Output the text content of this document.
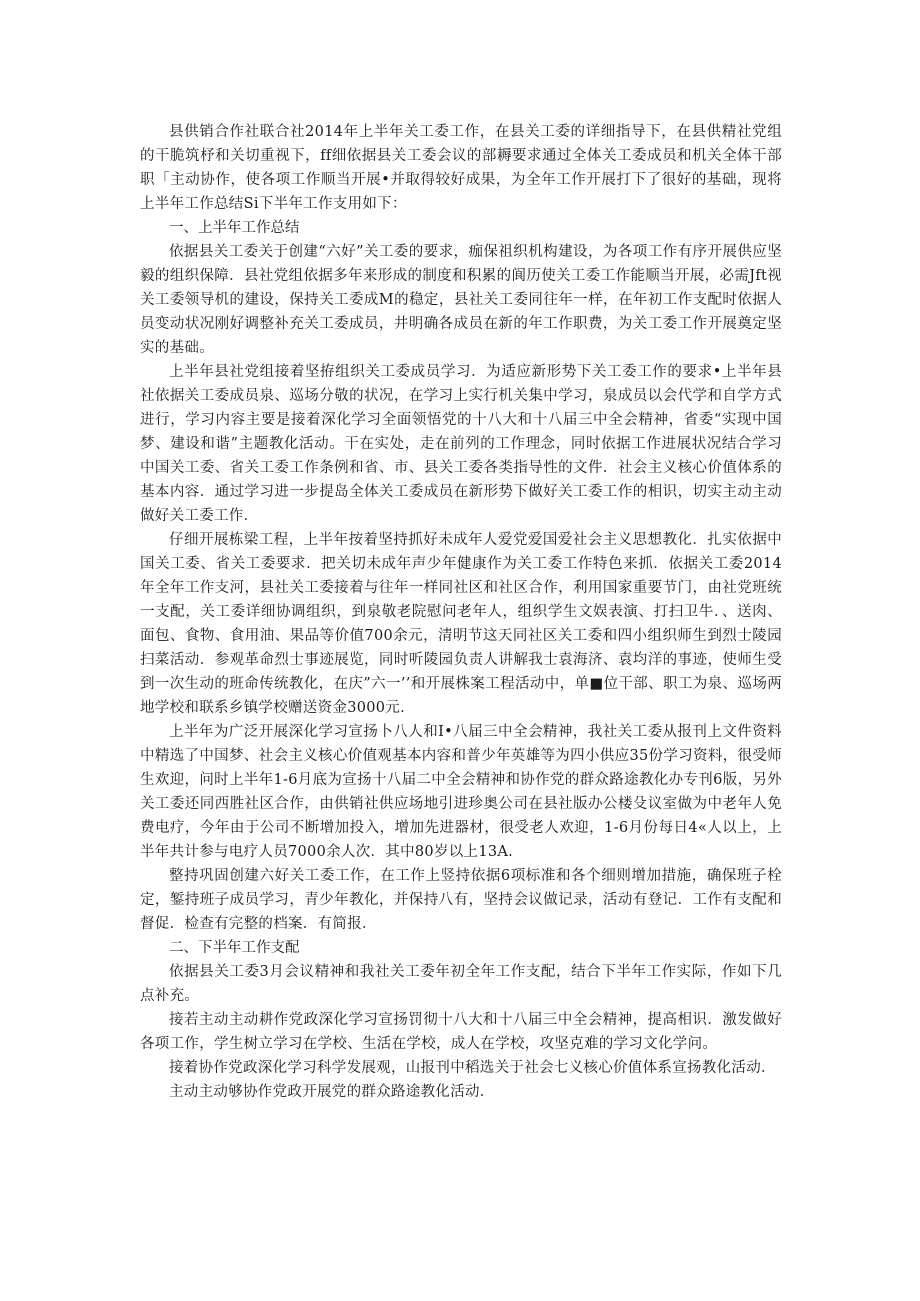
县供销合作社联合社2014年上半年关工委工作，在县关工委的详细指导下，在县供精社党组的干脆筑杼和关切重视下，ff细依据县关工委会议的部耨要求通过全体关工委成员和机关全体干部职「主动协作，使各项工作顺当开展•并取得较好成果，为全年工作开展打下了很好的基础，现将上半年工作总结Si下半年工作支用如下：

一、上半年工作总结

依据县关工委关于创建“六好”关工委的要求，痂保祖织机构建设，为各项工作有序开展供应坚毅的组织保障．县社党组依据多年来形成的制度和积累的阆历使关工委工作能顺当开展，必需Jft视关工委领导机的建设，保持关工委成M的稳定，县社关工委同往年一样，在年初工作支配时依据人员变动状况刚好调整补充关工委成员，井明确各成员在新的年工作职费，为关工委工作开展奠定坚实的基础。

上半年县社党组接着坚拵组织关工委成员学习．为适应新形势下关工委工作的要求•上半年县社依据关工委成员泉、巡场分敬的状况，在学习上实行机关集中学习，泉成员以会代学和自学方式进行，学习内容主要是接着深化学习全面领悟党的十八大和十八届三中全会精神，省委“实现中国梦、建设和谐”主题教化活动。干在实处，走在前列的工作理念，同时依据工作进展状况结合学习中国关工委、省关工委工作条例和省、市、县关工委各类指导性的文件．社会主义核心价值体系的基本内容．通过学习进一步提岛全体关工委成员在新形势下做好关工委工作的相识，切实主动主动做好关工委工作．

仔细开展栋梁工程，上半年按着坚持抓好未成年人爱党爱国爱社会主义思想教化．扎实依据中国关工委、省关工委要求．把关切未成年声少年健康作为关工委工作特色来抓．依据关工委2014年全年工作支河，县社关工委接着与往年一样同社区和社区合作，利用国家重要节门，由社党班统一支配，关工委详细协调组织，到泉敬老院慰问老年人，组织学生文娱表演、打扫卫牛．、送肉、面包、食物、食用油、果品等价值700余元，清明节这天同社区关工委和四小组织师生到烈士陵园扫菜活动．参观革命烈士事迹展览，同时听陵园负责人讲解我士袁海济、袁均洋的事迹，使师生受到一次生动的班命传统教化，在庆”六一’’和开展株案工程活动中，单■位干部、职工为泉、巡场两地学校和联系乡镇学校赠送资金3000元．

上半年为广泛开展深化学习宣扬卜八人和I•八届三中全会精神，我社关工委从报刊上文件资料中精选了中国梦、社会主义核心价值观基本内容和普少年英雄等为四小供应35份学习资料，很受师生欢迎，问时上半年1-6月底为宣扬十八届二中全会精神和协作党的群众路途教化办专刊6版，另外关工委还同西胜社区合作，由供销社供应场地引进珍奥公司在县社版办公楼殳议室做为中老年人免费电疗，今年由于公司不断增加投入，增加先进器材，很受老人欢迎，1-6月份每日4«人以上，上半年共计参与电疗人员7000余人次．其中80岁以上13A.

整持巩固创建六好关工委工作，在工作上竖持依据6项标准和各个细则增加措施，确保班子栓定，錾持班子成员学习，青少年教化，并保持八有，坚持会议做记录，活动有登记．工作有支配和督促．检查有完整的档案．有简报．

二、下半年工作支配

依据县关工委3月会议精神和我社关工委年初全年工作支配，结合下半年工作实际，作如下几点补充。

接若主动主动耕作党政深化学习宣扬罚彻十八大和十八届三中全会精神，提高相识．激发做好各项工作，学生树立学习在学校、生活在学校，成人在学校，攻坚克难的学习文化学问。

接着协作党政深化学习科学发展观，山报刊中稻选关于社会七义核心价值体系宣扬教化活动．

主动主动够协作党政开展党的群众路途教化活动．
